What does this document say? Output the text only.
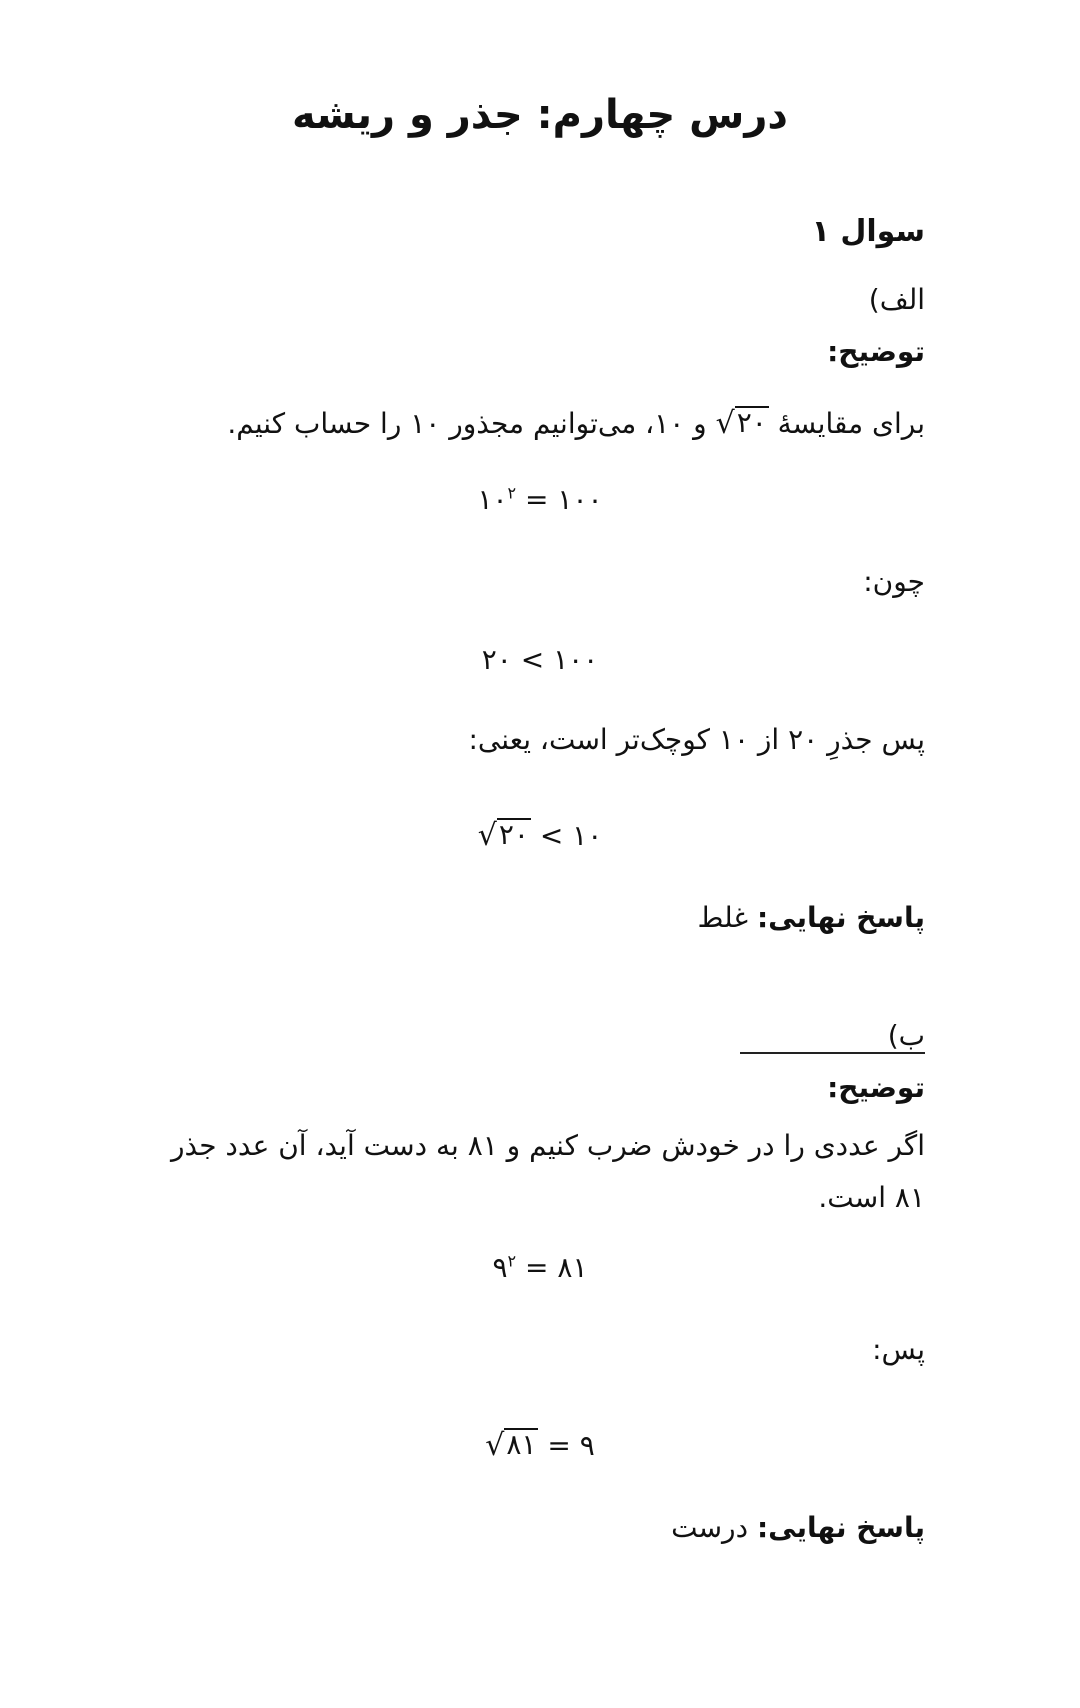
درس چهارم: جذر و ریشه

سوال ۱

الف)

توضیح:

برای مقایسهٔ
√ ۲۰
و ۱۰، می‌توانیم مجذور ۱۰ را حساب کنیم.

$۱۰^۲$ = ۱۰۰

چون:

۲۰ < ۱۰۰

پس جذرِ ۲۰ از ۱۰ کوچک‌تر است، یعنی:

√ ۲۰ < ۱۰

پاسخ نهایی: غلط

ب)

توضیح:

اگر عددی را در خودش ضرب کنیم و ۸۱ به دست آید، آن عدد جذر
۸۱ است.

$۹^۲$ = ۸۱

پس:

√ ۸۱ = ۹

پاسخ نهایی: درست
